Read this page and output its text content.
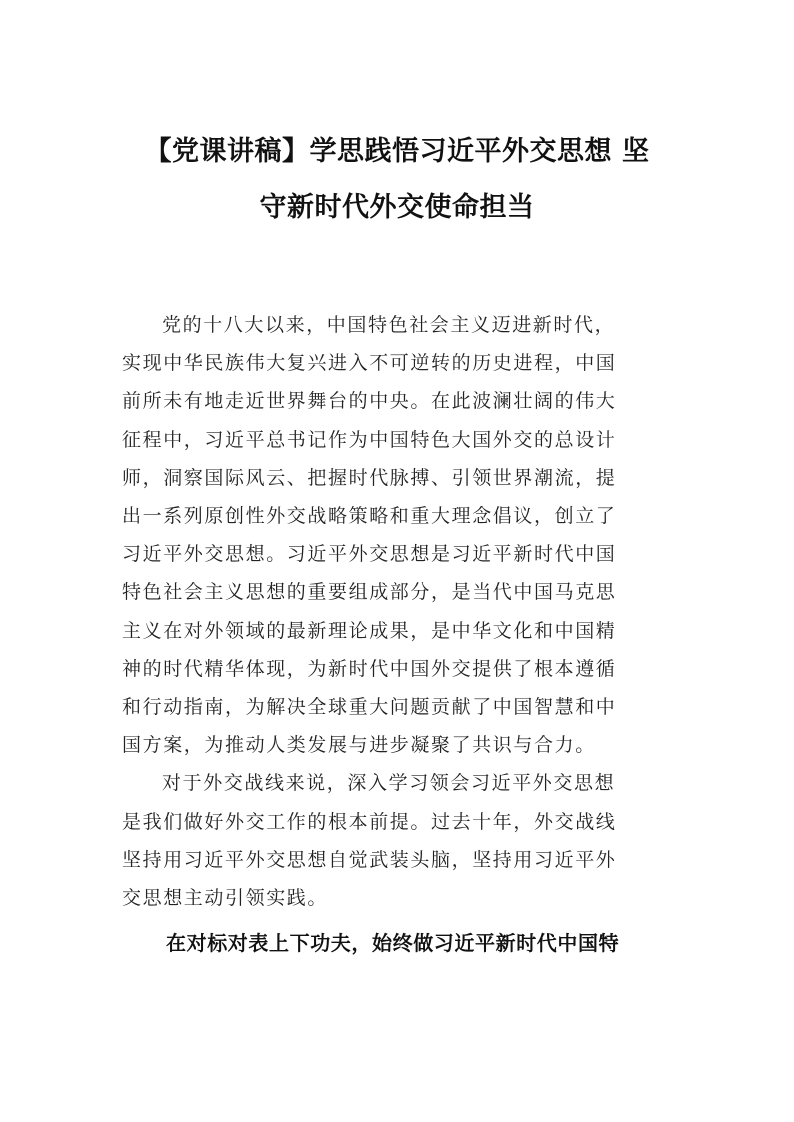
【党课讲稿】学思践悟习近平外交思想 坚
守新时代外交使命担当

党的十八大以来，中国特色社会主义迈进新时代，
实现中华民族伟大复兴进入不可逆转的历史进程，中国
前所未有地走近世界舞台的中央。在此波澜壮阔的伟大
征程中，习近平总书记作为中国特色大国外交的总设计
师，洞察国际风云、把握时代脉搏、引领世界潮流，提
出一系列原创性外交战略策略和重大理念倡议，创立了
习近平外交思想。习近平外交思想是习近平新时代中国
特色社会主义思想的重要组成部分，是当代中国马克思
主义在对外领域的最新理论成果，是中华文化和中国精
神的时代精华体现，为新时代中国外交提供了根本遵循
和行动指南，为解决全球重大问题贡献了中国智慧和中
国方案，为推动人类发展与进步凝聚了共识与合力。

对于外交战线来说，深入学习领会习近平外交思想
是我们做好外交工作的根本前提。过去十年，外交战线
坚持用习近平外交思想自觉武装头脑，坚持用习近平外
交思想主动引领实践。

在对标对表上下功夫，始终做习近平新时代中国特
